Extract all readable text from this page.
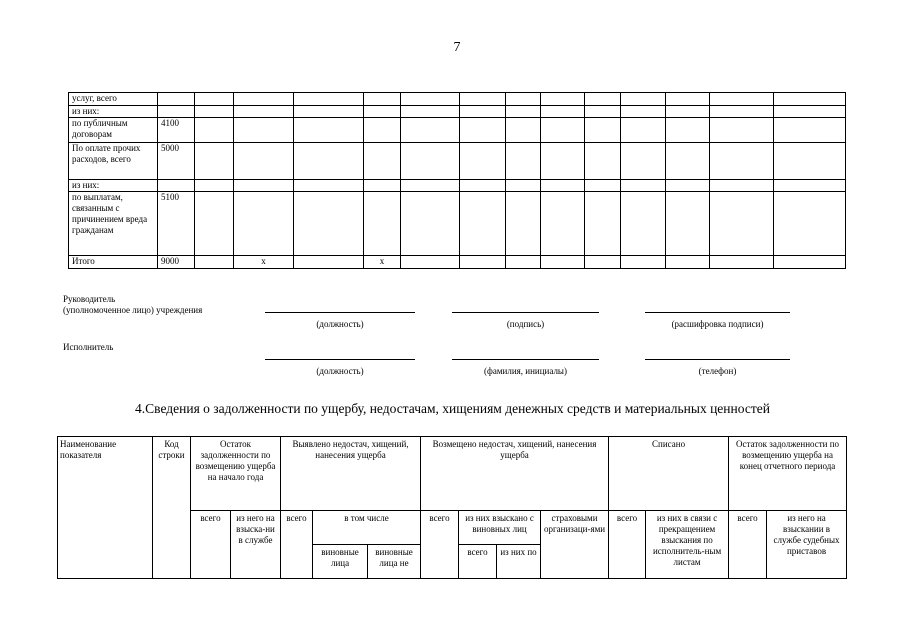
7
услуг, всего														
из них:														
по публичным договорам	4100													
По оплате прочих расходов, всего	5000													
из них:														
по выплатам, связанным с причинением вреда гражданам	5100													
Итого	9000		х		х									
Руководитель
(уполномоченное лицо) учреждения
(должность)	(подпись)	(расшифровка подписи)
Исполнитель
(должность)	(фамилия, инициалы)	(телефон)
4.Сведения о задолженности по ущербу, недостачам, хищениям денежных средств и материальных ценностей
Наименование показателя	Код строки	Остаток задолженности по возмещению ущерба на начало года		Выявлено недостач, хищений, нанесения ущерба			Возмещено недостач, хищений, нанесения ущерба				Списано		Остаток задолженности по возмещению ущерба на конец отчетного периода	
		всего	из него на взыска-ни в службе	всего	в том числе		всего	из них взыскано с виновных лиц		страховыми организаци-ями	всего	из них в связи с прекращением взыскания по исполнитель-ным листам	всего	из него на взыскании в службе судебных приставов
					виновные лица	виновные лица не		всего	из них по					
